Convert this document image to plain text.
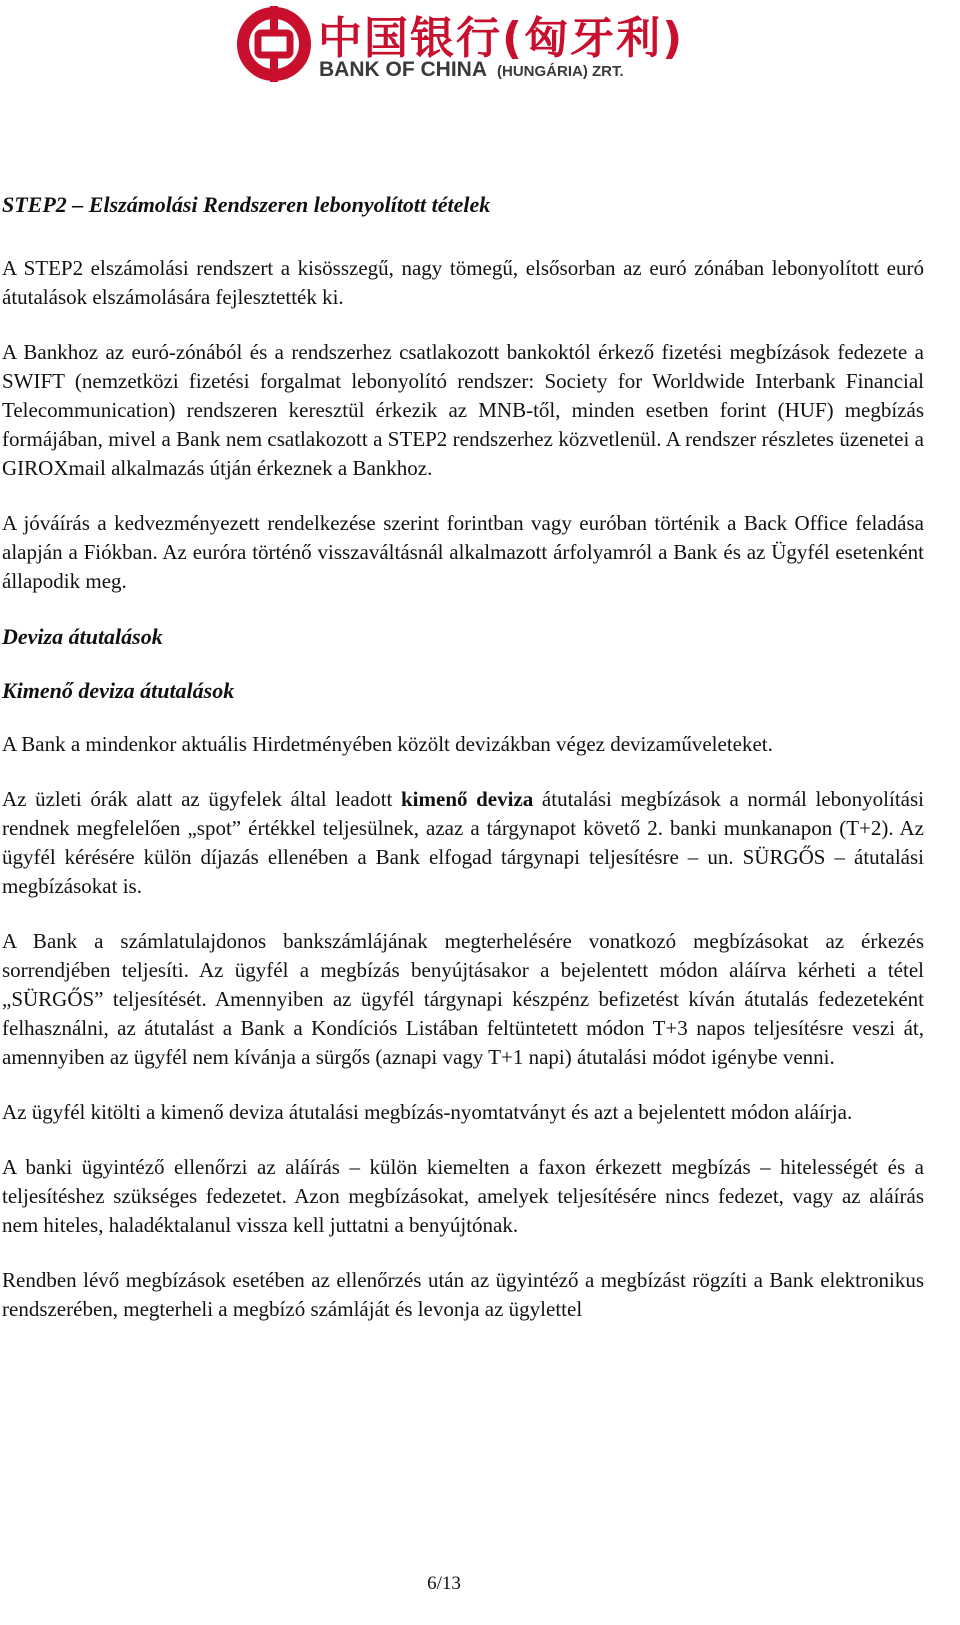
中国银行(匈牙利)
BANK OF CHINA (HUNGÁRIA) ZRT.
STEP2 – Elszámolási Rendszeren lebonyolított tételek

A STEP2 elszámolási rendszert a kisösszegű, nagy tömegű, elsősorban az euró zónában lebonyolított euró átutalások elszámolására fejlesztették ki.

A Bankhoz az euró-zónából és a rendszerhez csatlakozott bankoktól érkező fizetési megbízások fedezete a SWIFT (nemzetközi fizetési forgalmat lebonyolító rendszer: Society for Worldwide Interbank Financial Telecommunication) rendszeren keresztül érkezik az MNB-től, minden esetben forint (HUF) megbízás formájában, mivel a Bank nem csatlakozott a STEP2 rendszerhez közvetlenül. A rendszer részletes üzenetei a GIROXmail alkalmazás útján érkeznek a Bankhoz.

A jóváírás a kedvezményezett rendelkezése szerint forintban vagy euróban történik a Back Office feladása alapján a Fiókban. Az euróra történő visszaváltásnál alkalmazott árfolyamról a Bank és az Ügyfél esetenként állapodik meg.

Deviza átutalások
Kimenő deviza átutalások

A Bank a mindenkor aktuális Hirdetményében közölt devizákban végez devizaműveleteket.

Az üzleti órák alatt az ügyfelek által leadott kimenő deviza átutalási megbízások a normál lebonyolítási rendnek megfelelően „spot” értékkel teljesülnek, azaz a tárgynapot követő 2. banki munkanapon (T+2). Az ügyfél kérésére külön díjazás ellenében a Bank elfogad tárgynapi teljesítésre – un. SÜRGŐS – átutalási megbízásokat is.

A Bank a számlatulajdonos bankszámlájának megterhelésére vonatkozó megbízásokat az érkezés sorrendjében teljesíti. Az ügyfél a megbízás benyújtásakor a bejelentett módon aláírva kérheti a tétel „SÜRGŐS” teljesítését. Amennyiben az ügyfél tárgynapi készpénz befizetést kíván átutalás fedezeteként felhasználni, az átutalást a Bank a Kondíciós Listában feltüntetett módon T+3 napos teljesítésre veszi át, amennyiben az ügyfél nem kívánja a sürgős (aznapi vagy T+1 napi) átutalási módot igénybe venni.

Az ügyfél kitölti a kimenő deviza átutalási megbízás-nyomtatványt és azt a bejelentett módon aláírja.

A banki ügyintéző ellenőrzi az aláírás – külön kiemelten a faxon érkezett megbízás – hitelességét és a teljesítéshez szükséges fedezetet. Azon megbízásokat, amelyek teljesítésére nincs fedezet, vagy az aláírás nem hiteles, haladéktalanul vissza kell juttatni a benyújtónak.

Rendben lévő megbízások esetében az ellenőrzés után az ügyintéző a megbízást rögzíti a Bank elektronikus rendszerében, megterheli a megbízó számláját és levonja az ügylettel

6/13
